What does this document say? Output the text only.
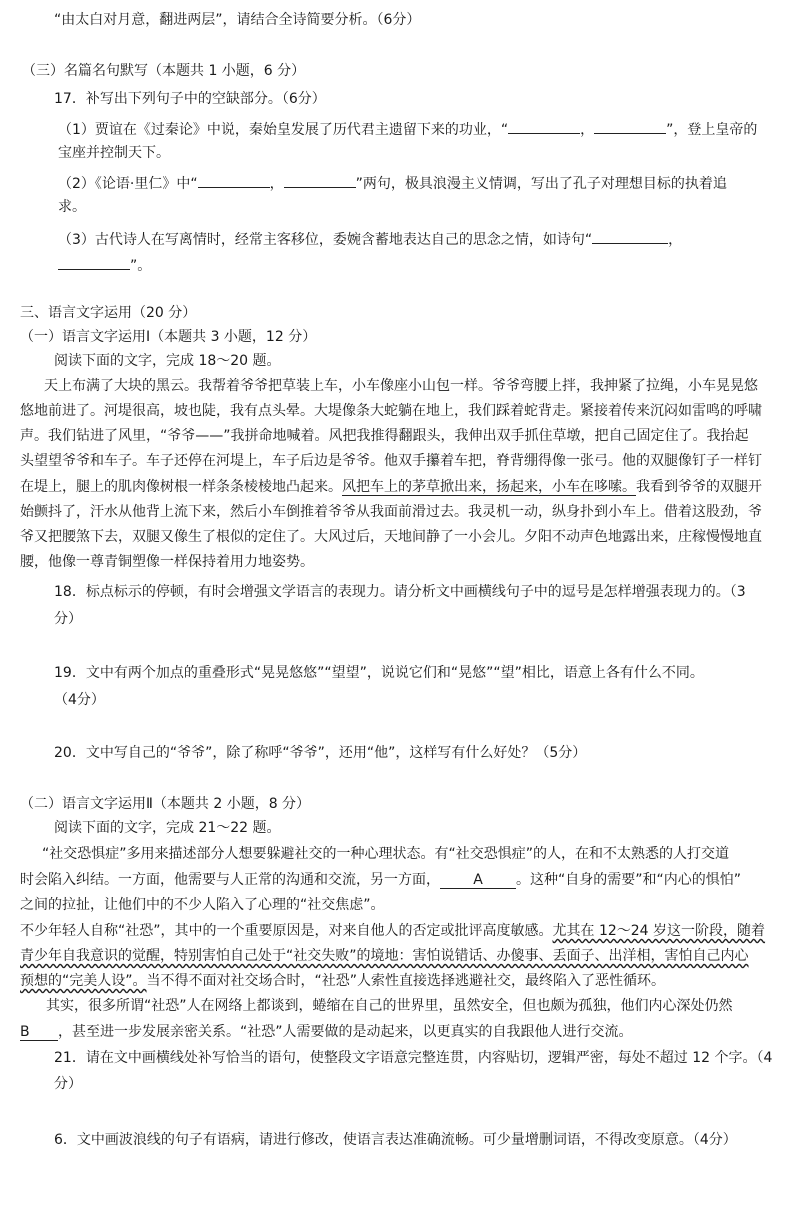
“由太白对月意，翻进两层”，请结合全诗简要分析。（6分）
（三）名篇名句默写（本题共 1 小题，6 分）
17．补写出下列句子中的空缺部分。（6分）
（1）贾谊在《过秦论》中说，秦始皇发展了历代君主遗留下来的功业，“	，	”，登上皇帝的
宝座并控制天下。
（2）《论语·里仁》中“	，	”两句，极具浪漫主义情调，写出了孔子对理想目标的执着追
求。
（3）古代诗人在写离情时，经常主客移位，委婉含蓄地表达自己的思念之情，如诗句“	，
”。
三、语言文字运用（20 分）
（一）语言文字运用Ⅰ（本题共 3 小题，12 分）
阅读下面的文字，完成 18～20 题。
天上布满了大块的黑云。我帮着爷爷把草装上车，小车像座小山包一样。爷爷弯腰上拌，我抻紧了拉绳，小车晃晃悠
悠地前进了。河堤很高，坡也陡，我有点头晕。大堤像条大蛇躺在地上，我们踩着蛇背走。紧接着传来沉闷如雷鸣的呼啸
声。我们钻进了风里，“爷爷——”我拼命地喊着。风把我推得翻跟头，我伸出双手抓住草墩，把自己固定住了。我抬起
头望望爷爷和车子。车子还停在河堤上，车子后边是爷爷。他双手攥着车把，脊背绷得像一张弓。他的双腿像钉子一样钉
在堤上，腿上的肌肉像树根一样条条棱棱地凸起来。风把车上的茅草掀出来，扬起来，小车在哆嗦。我看到爷爷的双腿开
始颤抖了，汗水从他背上流下来，然后小车倒推着爷爷从我面前滑过去。我灵机一动，纵身扑到小车上。借着这股劲，爷
爷又把腰煞下去，双腿又像生了根似的定住了。大风过后，天地间静了一小会儿。夕阳不动声色地露出来，庄稼慢慢地直
腰，他像一尊青铜塑像一样保持着用力地姿势。
18．标点标示的停顿，有时会增强文学语言的表现力。请分析文中画横线句子中的逗号是怎样增强表现力的。（3
分）
19．文中有两个加点的重叠形式“晃晃悠悠”“望望”，说说它们和“晃悠”“望”相比，语意上各有什么不同。
（4分）
20．文中写自己的“爷爷”，除了称呼“爷爷”，还用“他”，这样写有什么好处？（5分）
（二）语言文字运用Ⅱ（本题共 2 小题，8 分）
阅读下面的文字，完成 21～22 题。
“社交恐惧症”多用来描述部分人想要躲避社交的一种心理状态。有“社交恐惧症”的人，在和不太熟悉的人打交道
时会陷入纠结。一方面，他需要与人正常的沟通和交流，另一方面， A 。这种“自身的需要”和“内心的惧怕”
之间的拉扯，让他们中的不少人陷入了心理的“社交焦虑”。
不少年轻人自称“社恐”，其中的一个重要原因是，对来自他人的否定或批评高度敏感。尤其在 12～24 岁这一阶段，随着
青少年自我意识的觉醒，特别害怕自己处于“社交失败”的境地：害怕说错话、办傻事、丢面子、出洋相，害怕自己内心
预想的“完美人设”。当不得不面对社交场合时，“社恐”人索性直接选择逃避社交，最终陷入了恶性循环。
其实，很多所谓“社恐”人在网络上都谈到，蜷缩在自己的世界里，虽然安全，但也颇为孤独，他们内心深处仍然
B ，甚至进一步发展亲密关系。“社恐”人需要做的是动起来，以更真实的自我跟他人进行交流。
21．请在文中画横线处补写恰当的语句，使整段文字语意完整连贯，内容贴切，逻辑严密，每处不超过 12 个字。（4
分）
6．文中画波浪线的句子有语病，请进行修改，使语言表达准确流畅。可少量增删词语，不得改变原意。（4分）
